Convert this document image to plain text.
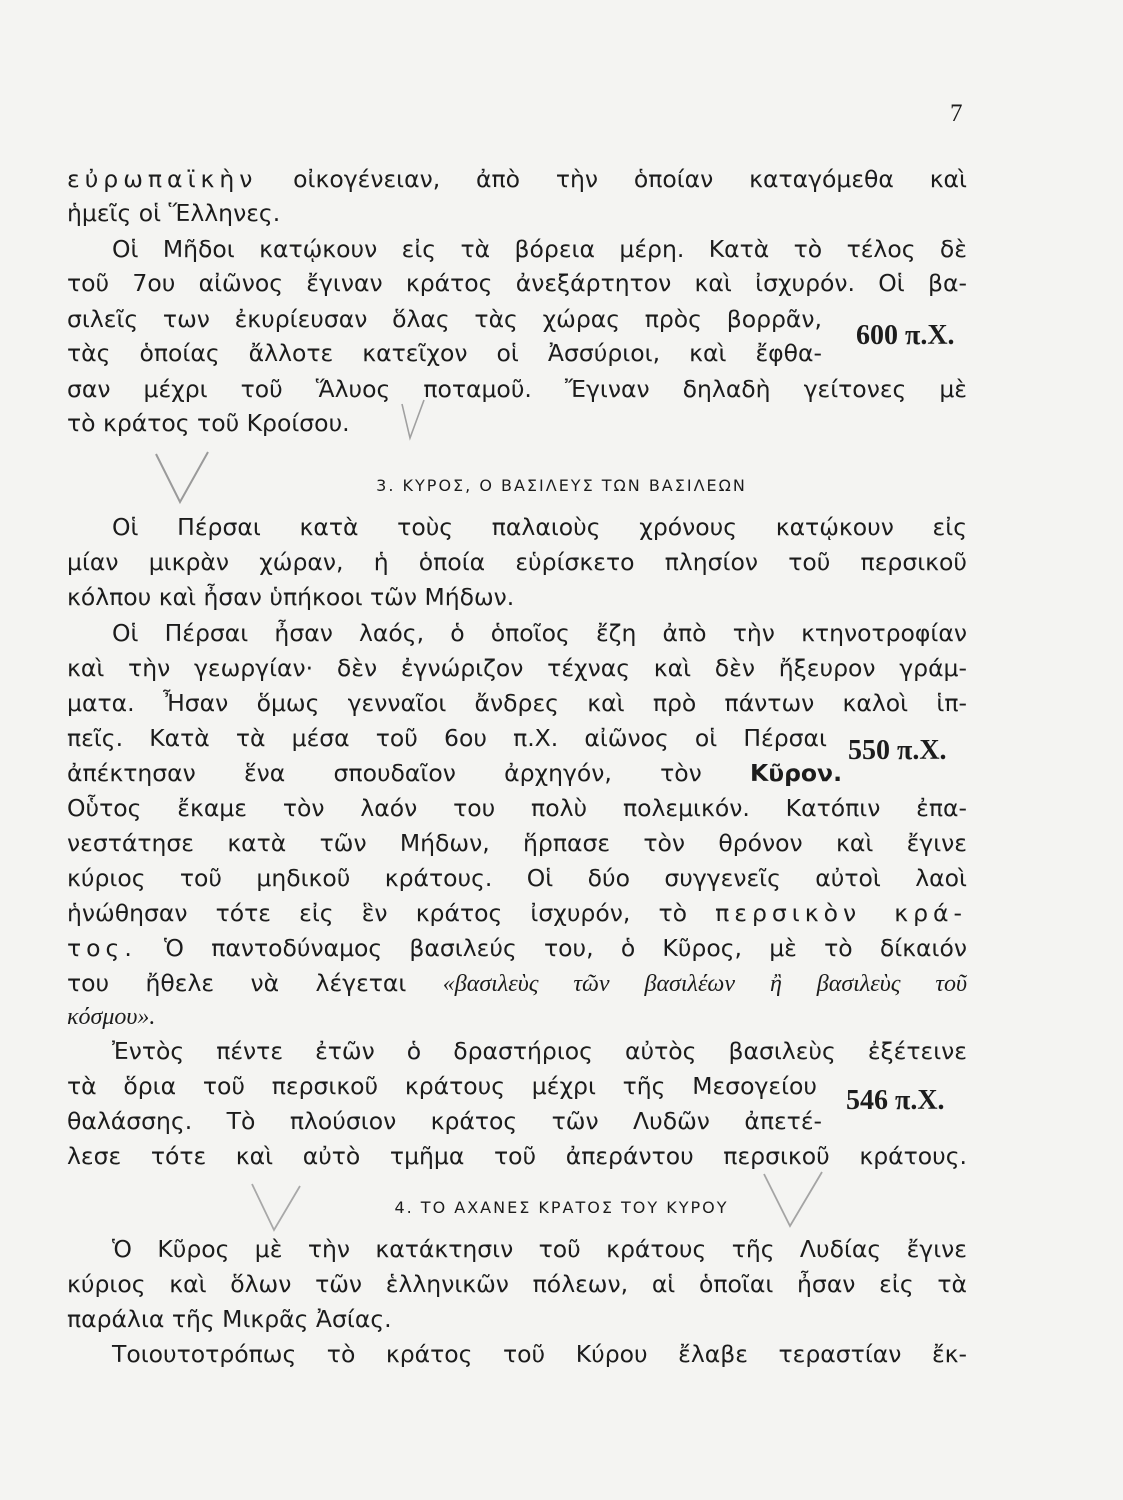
7
εὐρωπαϊκὴν οἰκογένειαν, ἀπὸ τὴν ὁποίαν καταγόμεθα καὶ
ἡμεῖς οἱ Ἕλληνες.
Οἱ Μῆδοι κατῴκουν εἰς τὰ βόρεια μέρη. Κατὰ τὸ τέλος δὲ
τοῦ 7ου αἰῶνος ἔγιναν κράτος ἀνεξάρτητον καὶ ἰσχυρόν. Οἱ βα-
σιλεῖς των ἐκυρίευσαν ὅλας τὰς χώρας πρὸς βορρᾶν,
τὰς ὁποίας ἄλλοτε κατεῖχον οἱ Ἀσσύριοι, καὶ ἔφθα-
σαν μέχρι τοῦ Ἅλυος ποταμοῦ. Ἔγιναν δηλαδὴ γείτονες μὲ
τὸ κράτος τοῦ Κροίσου.
600 π.Χ.
3. ΚΥΡΟΣ, Ο ΒΑΣΙΛΕΥΣ ΤΩΝ ΒΑΣΙΛΕΩΝ
Οἱ Πέρσαι κατὰ τοὺς παλαιοὺς χρόνους κατῴκουν εἰς
μίαν μικρὰν χώραν, ἡ ὁποία εὑρίσκετο πλησίον τοῦ περσικοῦ
κόλπου καὶ ἦσαν ὑπήκοοι τῶν Μήδων.
Οἱ Πέρσαι ἦσαν λαός, ὁ ὁποῖος ἔζη ἀπὸ τὴν κτηνοτροφίαν
καὶ τὴν γεωργίαν· δὲν ἐγνώριζον τέχνας καὶ δὲν ἤξευρον γράμ-
ματα. Ἦσαν ὅμως γενναῖοι ἄνδρες καὶ πρὸ πάντων καλοὶ ἱπ-
πεῖς. Κατὰ τὰ μέσα τοῦ 6ου π.Χ. αἰῶνος οἱ Πέρσαι
ἀπέκτησαν ἕνα σπουδαῖον ἀρχηγόν, τὸν Κῦρον.
550 π.Χ.
Οὗτος ἔκαμε τὸν λαόν του πολὺ πολεμικόν. Κατόπιν ἐπα-
νεστάτησε κατὰ τῶν Μήδων, ἥρπασε τὸν θρόνον καὶ ἔγινε
κύριος τοῦ μηδικοῦ κράτους. Οἱ δύο συγγενεῖς αὐτοὶ λαοὶ
ἡνώθησαν τότε εἰς ἓν κράτος ἰσχυρόν, τὸ περσικὸν κρά-
τος. Ὁ παντοδύναμος βασιλεύς του, ὁ Κῦρος, μὲ τὸ δίκαιόν
του ἤθελε νὰ λέγεται «βασιλεὺς τῶν βασιλέων ἢ βασιλεὺς τοῦ
κόσμου».
Ἐντὸς πέντε ἐτῶν ὁ δραστήριος αὐτὸς βασιλεὺς ἐξέτεινε
τὰ ὅρια τοῦ περσικοῦ κράτους μέχρι τῆς Μεσογείου
θαλάσσης. Τὸ πλούσιον κράτος τῶν Λυδῶν ἀπετέ-
546 π.Χ.
λεσε τότε καὶ αὐτὸ τμῆμα τοῦ ἀπεράντου περσικοῦ κράτους.
4. ΤΟ ΑΧΑΝΕΣ ΚΡΑΤΟΣ ΤΟΥ ΚΥΡΟΥ
Ὁ Κῦρος μὲ τὴν κατάκτησιν τοῦ κράτους τῆς Λυδίας ἔγινε
κύριος καὶ ὅλων τῶν ἑλληνικῶν πόλεων, αἱ ὁποῖαι ἦσαν εἰς τὰ
παράλια τῆς Μικρᾶς Ἀσίας.
Τοιουτοτρόπως τὸ κράτος τοῦ Κύρου ἔλαβε τεραστίαν ἔκ-
